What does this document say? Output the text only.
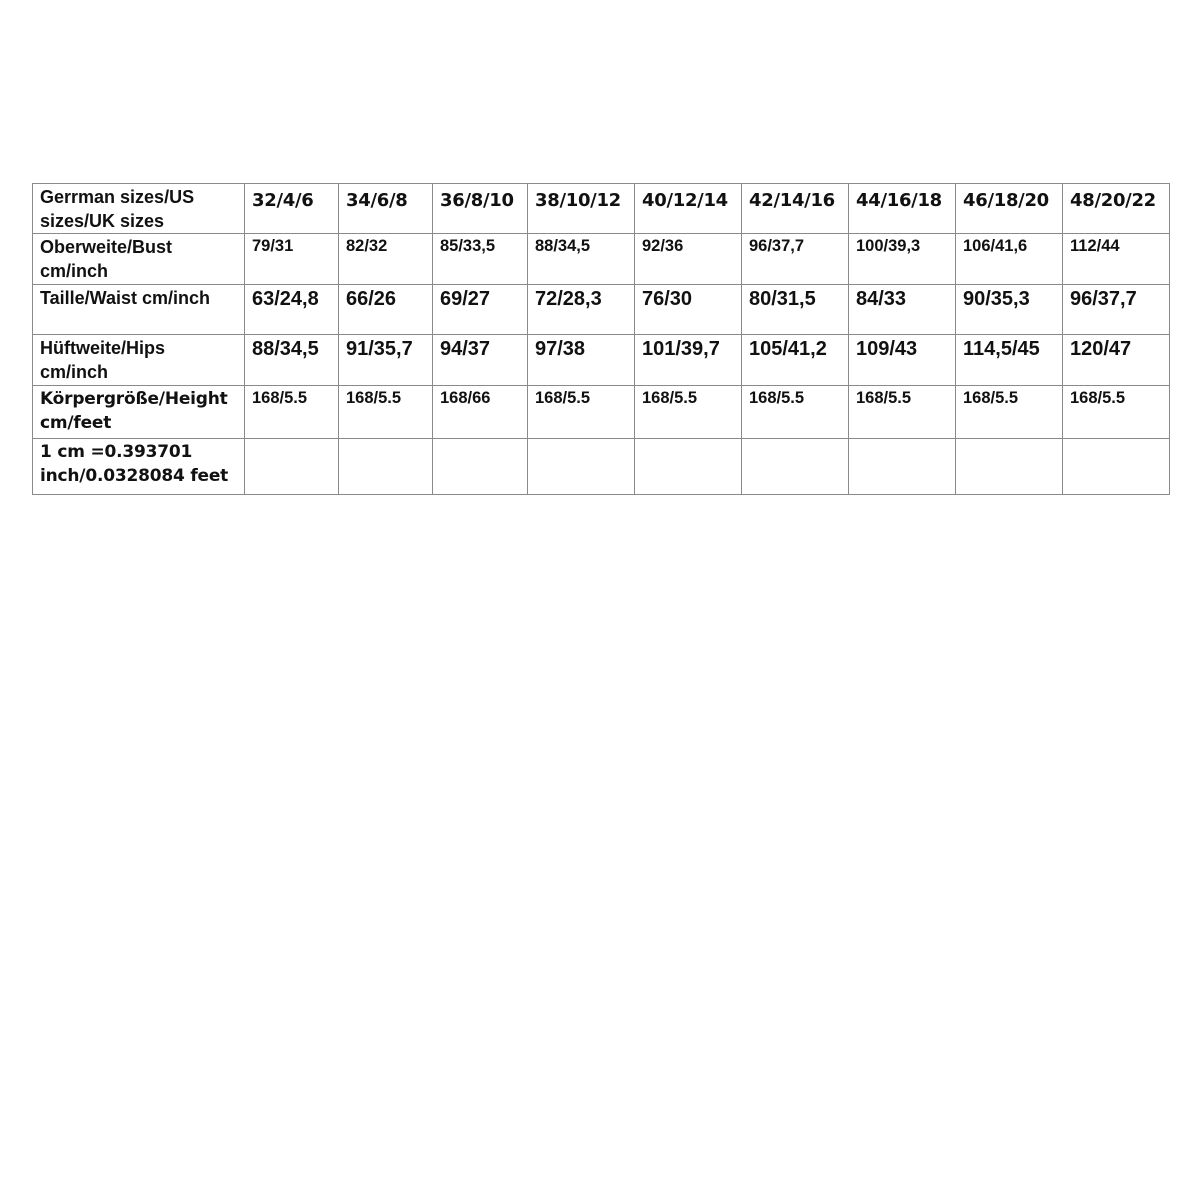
Gerrman sizes/US sizes/UK sizes	32/4/6	34/6/8	36/8/10	38/10/12	40/12/14	42/14/16	44/16/18	46/18/20	48/20/22
Oberweite/Bust cm/inch	79/31	82/32	85/33,5	88/34,5	92/36	96/37,7	100/39,3	106/41,6	112/44
Taille/Waist cm/inch	63/24,8	66/26	69/27	72/28,3	76/30	80/31,5	84/33	90/35,3	96/37,7
Hüftweite/Hips cm/inch	88/34,5	91/35,7	94/37	97/38	101/39,7	105/41,2	109/43	114,5/45	120/47
Körpergröße/Height cm/feet	168/5.5	168/5.5	168/66	168/5.5	168/5.5	168/5.5	168/5.5	168/5.5	168/5.5
1 cm =0.393701 inch/0.0328084 feet									
